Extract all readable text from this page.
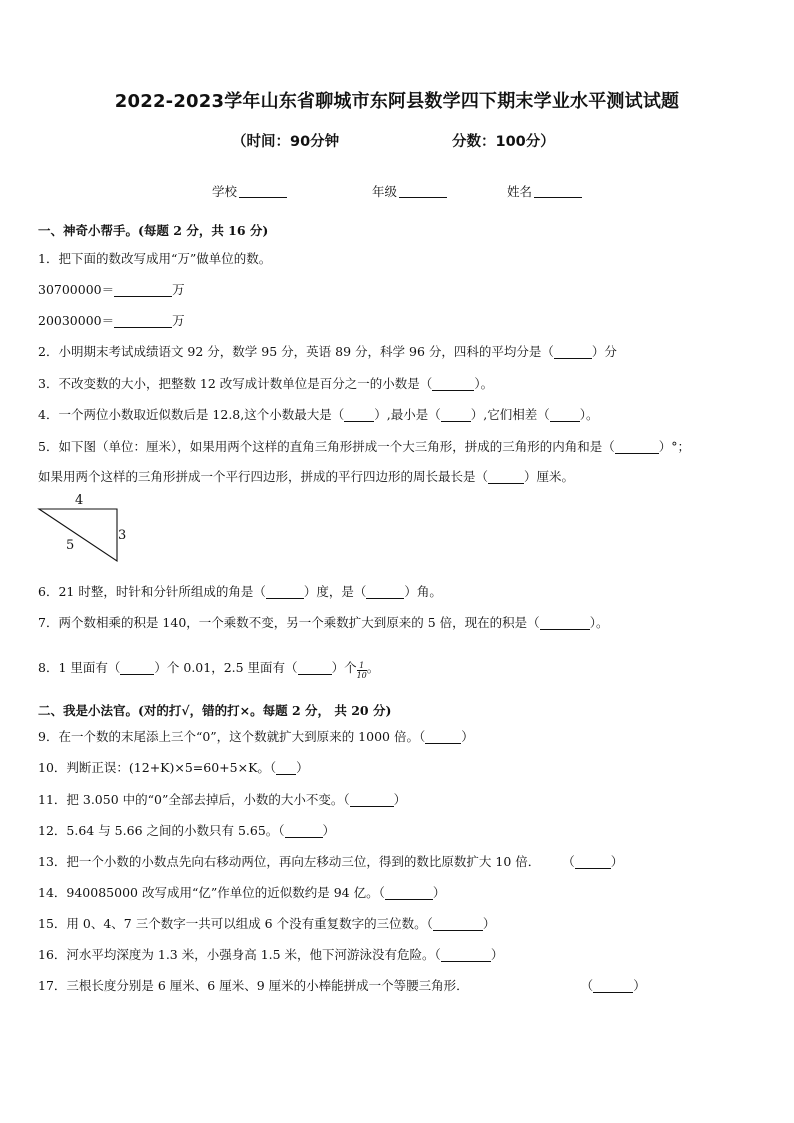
2022-2023学年山东省聊城市东阿县数学四下期末学业水平测试试题
（时间：90分钟	分数：100分）
学校	年级	姓名
一、神奇小帮手。(每题 2 分，共 16 分)
1．把下面的数改写成用“万”做单位的数。
30700000＝	万
20030000＝	万
2．小明期末考试成绩语文 92 分，数学 95 分，英语 89 分，科学 96 分，四科的平均分是（	）分
3．不改变数的大小，把整数 12 改写成计数单位是百分之一的小数是（	）。
4．一个两位小数取近似数后是 12.8,这个小数最大是（ ）,最小是（ ）,它们相差（ ）。
5．如下图（单位：厘米），如果用两个这样的直角三角形拼成一个大三角形，拼成的三角形的内角和是（	）°；
如果用两个这样的三角形拼成一个平行四边形，拼成的平行四边形的周长最长是（	）厘米。
4
3
5
6．21 时整，时针和分针所组成的角是（	）度，是（	）角。
7．两个数相乘的积是 140，一个乘数不变，另一个乘数扩大到原来的 5 倍，现在的积是（	）。
8．1 里面有（	）个 0.01，2.5 里面有（	）个 $\frac{1}{10}$ 。
二、我是小法官。(对的打√，错的打×。每题 2 分， 共 20 分)
9．在一个数的末尾添上三个“0”，这个数就扩大到原来的 1000 倍。（	）
10．判断正误：(12+K)×5=60+5×K。（ ）
11．把 3.050 中的“0”全部去掉后，小数的大小不变。（	）
12．5.64 与 5.66 之间的小数只有 5.65。（	）
13．把一个小数的小数点先向右移动两位，再向左移动三位，得到的数比原数扩大 10 倍． （	）
14．940085000 改写成用“亿”作单位的近似数约是 94 亿。（	）
15．用 0、4、7 三个数字一共可以组成 6 个没有重复数字的三位数。（	）
16．河水平均深度为 1.3 米，小强身高 1.5 米，他下河游泳没有危险。（	）
17．三根长度分别是 6 厘米、6 厘米、9 厘米的小棒能拼成一个等腰三角形．	（	）
